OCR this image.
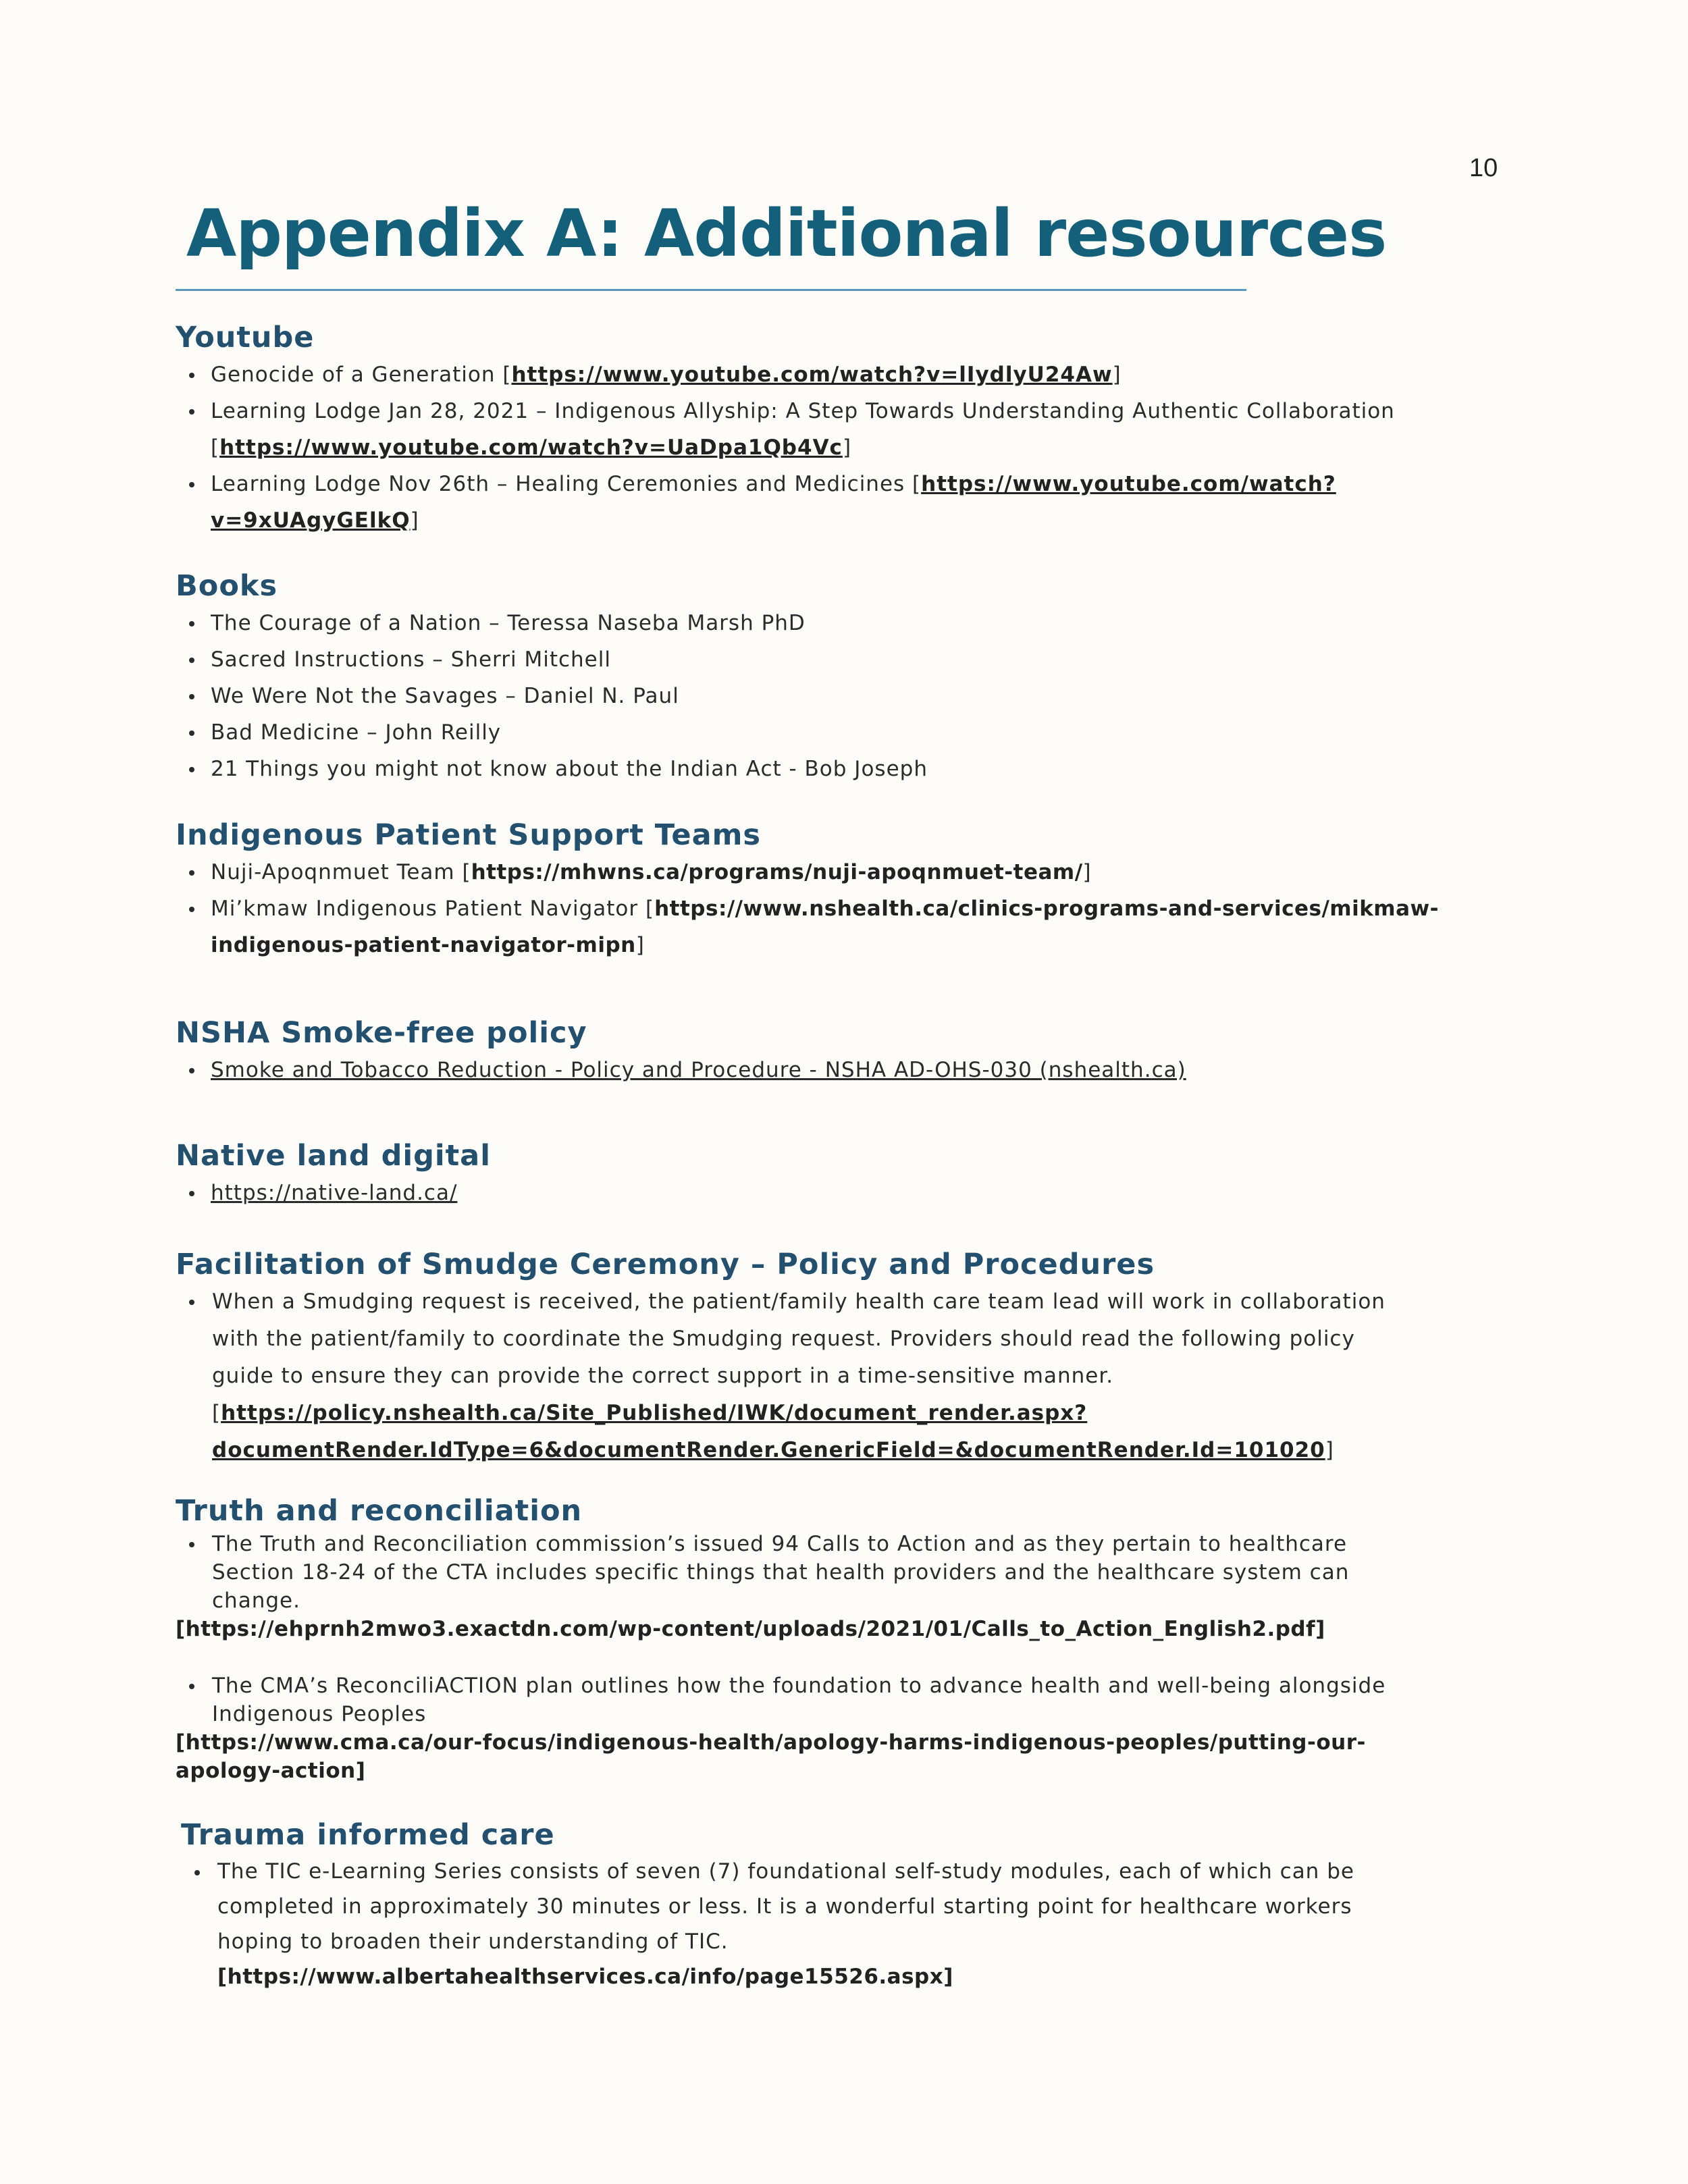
10
Appendix A: Additional resources
Youtube
Genocide of a Generation [https://www.youtube.com/watch?v=lIydlyU24Aw]
Learning Lodge Jan 28, 2021 – Indigenous Allyship: A Step Towards Understanding Authentic Collaboration
[https://www.youtube.com/watch?v=UaDpa1Qb4Vc]
Learning Lodge Nov 26th – Healing Ceremonies and Medicines [https://www.youtube.com/watch?
v=9xUAgyGElkQ]
Books
The Courage of a Nation – Teressa Naseba Marsh PhD
Sacred Instructions – Sherri Mitchell
We Were Not the Savages – Daniel N. Paul
Bad Medicine – John Reilly
21 Things you might not know about the Indian Act - Bob Joseph
Indigenous Patient Support Teams
Nuji-Apoqnmuet Team [https://mhwns.ca/programs/nuji-apoqnmuet-team/]
Mi’kmaw Indigenous Patient Navigator [https://www.nshealth.ca/clinics-programs-and-services/mikmaw-
indigenous-patient-navigator-mipn]
NSHA Smoke-free policy
Smoke and Tobacco Reduction - Policy and Procedure - NSHA AD-OHS-030 (nshealth.ca)
Native land digital
https://native-land.ca/
Facilitation of Smudge Ceremony – Policy and Procedures
When a Smudging request is received, the patient/family health care team lead will work in collaboration
with the patient/family to coordinate the Smudging request. Providers should read the following policy
guide to ensure they can provide the correct support in a time-sensitive manner.
[https://policy.nshealth.ca/Site_Published/IWK/document_render.aspx?
documentRender.IdType=6&documentRender.GenericField=&documentRender.Id=101020]
Truth and reconciliation
The Truth and Reconciliation commission’s issued 94 Calls to Action and as they pertain to healthcare
Section 18-24 of the CTA includes specific things that health providers and the healthcare system can
change.
[https://ehprnh2mwo3.exactdn.com/wp-content/uploads/2021/01/Calls_to_Action_English2.pdf]
The CMA’s ReconciliACTION plan outlines how the foundation to advance health and well-being alongside
Indigenous Peoples
[https://www.cma.ca/our-focus/indigenous-health/apology-harms-indigenous-peoples/putting-our-
apology-action]
Trauma informed care
The TIC e-Learning Series consists of seven (7) foundational self-study modules, each of which can be
completed in approximately 30 minutes or less. It is a wonderful starting point for healthcare workers
hoping to broaden their understanding of TIC.
[https://www.albertahealthservices.ca/info/page15526.aspx]
